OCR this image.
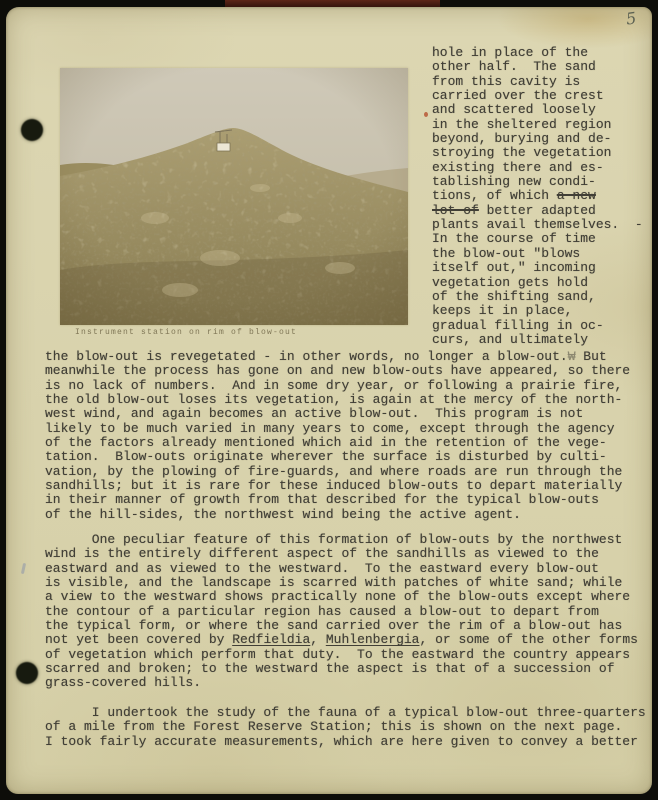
5
Instrument station on rim of blow-out
hole in place of the
other half.  The sand
from this cavity is
carried over the crest
and scattered loosely
in the sheltered region
beyond, burying and de-
stroying the vegetation
existing there and es-
tablishing new condi-
tions, of which a new
lot of better adapted
plants avail themselves.  -
In the course of time
the blow-out "blows
itself out," incoming
vegetation gets hold
of the shifting sand,
keeps it in place,
gradual filling in oc-
curs, and ultimately
the blow-out is revegetated - in other words, no longer a blow-out.₩ But
meanwhile the process has gone on and new blow-outs have appeared, so there
is no lack of numbers.  And in some dry year, or following a prairie fire,
the old blow-out loses its vegetation, is again at the mercy of the north-
west wind, and again becomes an active blow-out.  This program is not
likely to be much varied in many years to come, except through the agency
of the factors already mentioned which aid in the retention of the vege-
tation.  Blow-outs originate wherever the surface is disturbed by culti-
vation, by the plowing of fire-guards, and where roads are run through the
sandhills; but it is rare for these induced blow-outs to depart materially
in their manner of growth from that described for the typical blow-outs
of the hill-sides, the northwest wind being the active agent.
One peculiar feature of this formation of blow-outs by the northwest
wind is the entirely different aspect of the sandhills as viewed to the
eastward and as viewed to the westward.  To the eastward every blow-out
is visible, and the landscape is scarred with patches of white sand; while
a view to the westward shows practically none of the blow-outs except where
the contour of a particular region has caused a blow-out to depart from
the typical form, or where the sand carried over the rim of a blow-out has
not yet been covered by Redfieldia, Muhlenbergia, or some of the other forms
of vegetation which perform that duty.  To the eastward the country appears
scarred and broken; to the westward the aspect is that of a succession of
grass-covered hills.
I undertook the study of the fauna of a typical blow-out three-quarters
of a mile from the Forest Reserve Station; this is shown on the next page.
I took fairly accurate measurements, which are here given to convey a better
